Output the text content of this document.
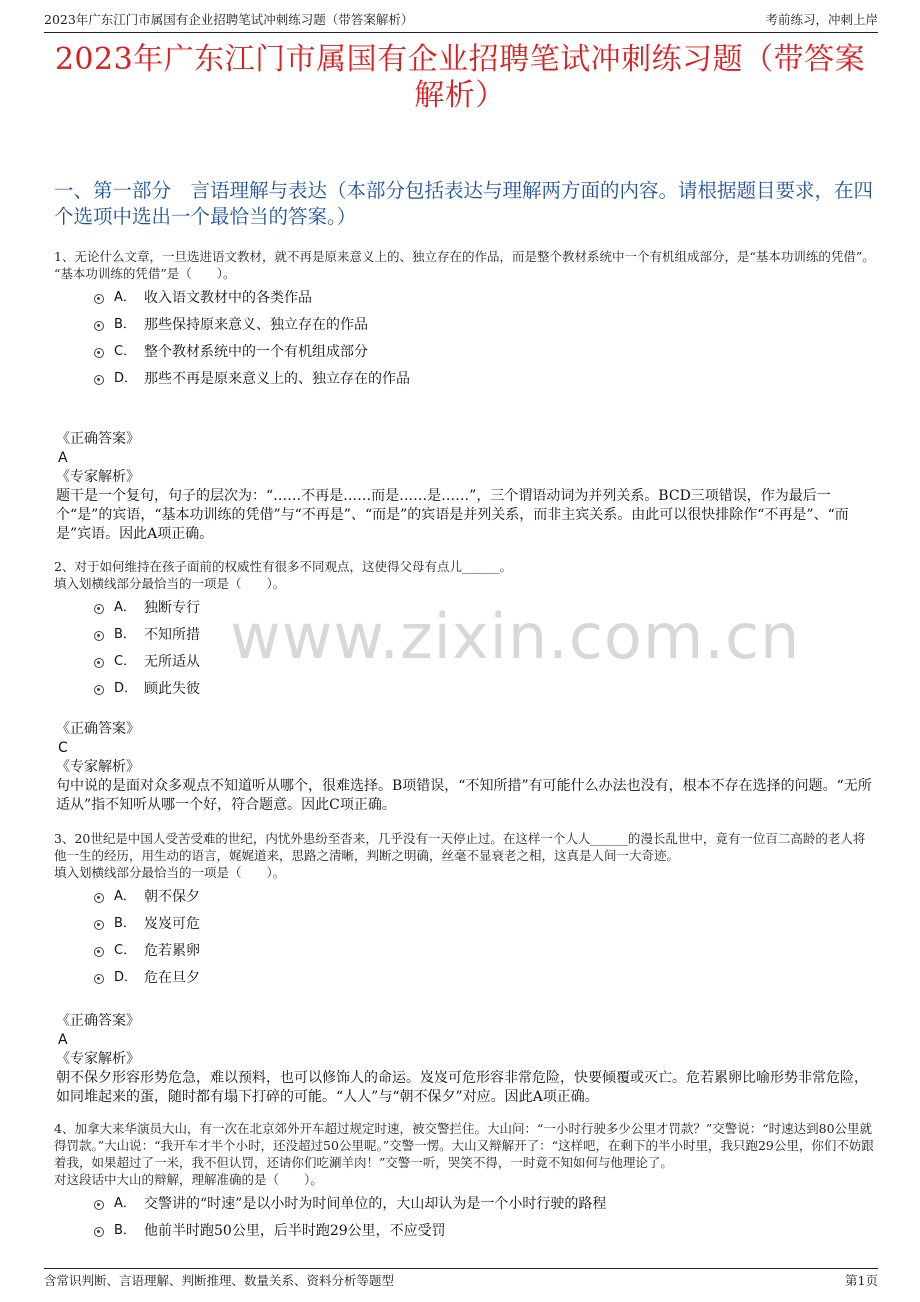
2023年广东江门市属国有企业招聘笔试冲刺练习题（带答案解析）	考前练习，冲刺上岸
2023年广东江门市属国有企业招聘笔试冲刺练习题（带答案解析）
一、第一部分　言语理解与表达（本部分包括表达与理解两方面的内容。请根据题目要求，在四个选项中选出一个最恰当的答案。）
www.zixin.com.cn

1、无论什么文章，一旦选进语文教材，就不再是原来意义上的、独立存在的作品，而是整个教材系统中一个有机组成部分，是“基本功训练的凭借”。

“基本功训练的凭借”是（　　）。

A． 收入语文教材中的各类作品
B． 那些保持原来意义、独立存在的作品
C． 整个教材系统中的一个有机组成部分
D． 那些不再是原来意义上的、独立存在的作品

《正确答案》

A

《专家解析》

题干是一个复句，句子的层次为：“……不再是……而是……是……”，三个谓语动词为并列关系。BCD三项错误，作为最后一个“是”的宾语，“基本功训练的凭借”与“不再是”、“而是”的宾语是并列关系，而非主宾关系。由此可以很快排除作“不再是”、“而是”宾语。因此A项正确。

2、对于如何维持在孩子面前的权威性有很多不同观点，这使得父母有点儿______。

填入划横线部分最恰当的一项是（　　）。

A． 独断专行
B． 不知所措
C． 无所适从
D． 顾此失彼

《正确答案》

C

《专家解析》

句中说的是面对众多观点不知道听从哪个，很难选择。B项错误，“不知所措”有可能什么办法也没有，根本不存在选择的问题。“无所适从”指不知听从哪一个好，符合题意。因此C项正确。

3、20世纪是中国人受苦受难的世纪，内忧外患纷至沓来，几乎没有一天停止过。在这样一个人人______的漫长乱世中，竟有一位百二高龄的老人将他一生的经历，用生动的语言，娓娓道来，思路之清晰，判断之明确，丝毫不显衰老之相，这真是人间一大奇迹。

填入划横线部分最恰当的一项是（　　）。

A． 朝不保夕
B． 岌岌可危
C． 危若累卵
D． 危在旦夕

《正确答案》

A

《专家解析》

朝不保夕形容形势危急，难以预料，也可以修饰人的命运。岌岌可危形容非常危险，快要倾覆或灭亡。危若累卵比喻形势非常危险，如同堆起来的蛋，随时都有塌下打碎的可能。“人人”与“朝不保夕”对应。因此A项正确。

4、加拿大来华演员大山，有一次在北京郊外开车超过规定时速，被交警拦住。大山问：“一小时行驶多少公里才罚款？”交警说：“时速达到80公里就得罚款。”大山说：“我开车才半个小时，还没超过50公里呢。”交警一愣。大山又辩解开了：“这样吧，在剩下的半小时里，我只跑29公里，你们不妨跟着我，如果超过了一米，我不但认罚，还请你们吃涮羊肉！”交警一听，哭笑不得，一时竟不知如何与他理论了。

对这段话中大山的辩解，理解准确的是（　　）。

A． 交警讲的“时速”是以小时为时间单位的，大山却认为是一个小时行驶的路程
B． 他前半时跑50公里，后半时跑29公里，不应受罚
含常识判断、言语理解、判断推理、数量关系、资料分析等题型	第1页
